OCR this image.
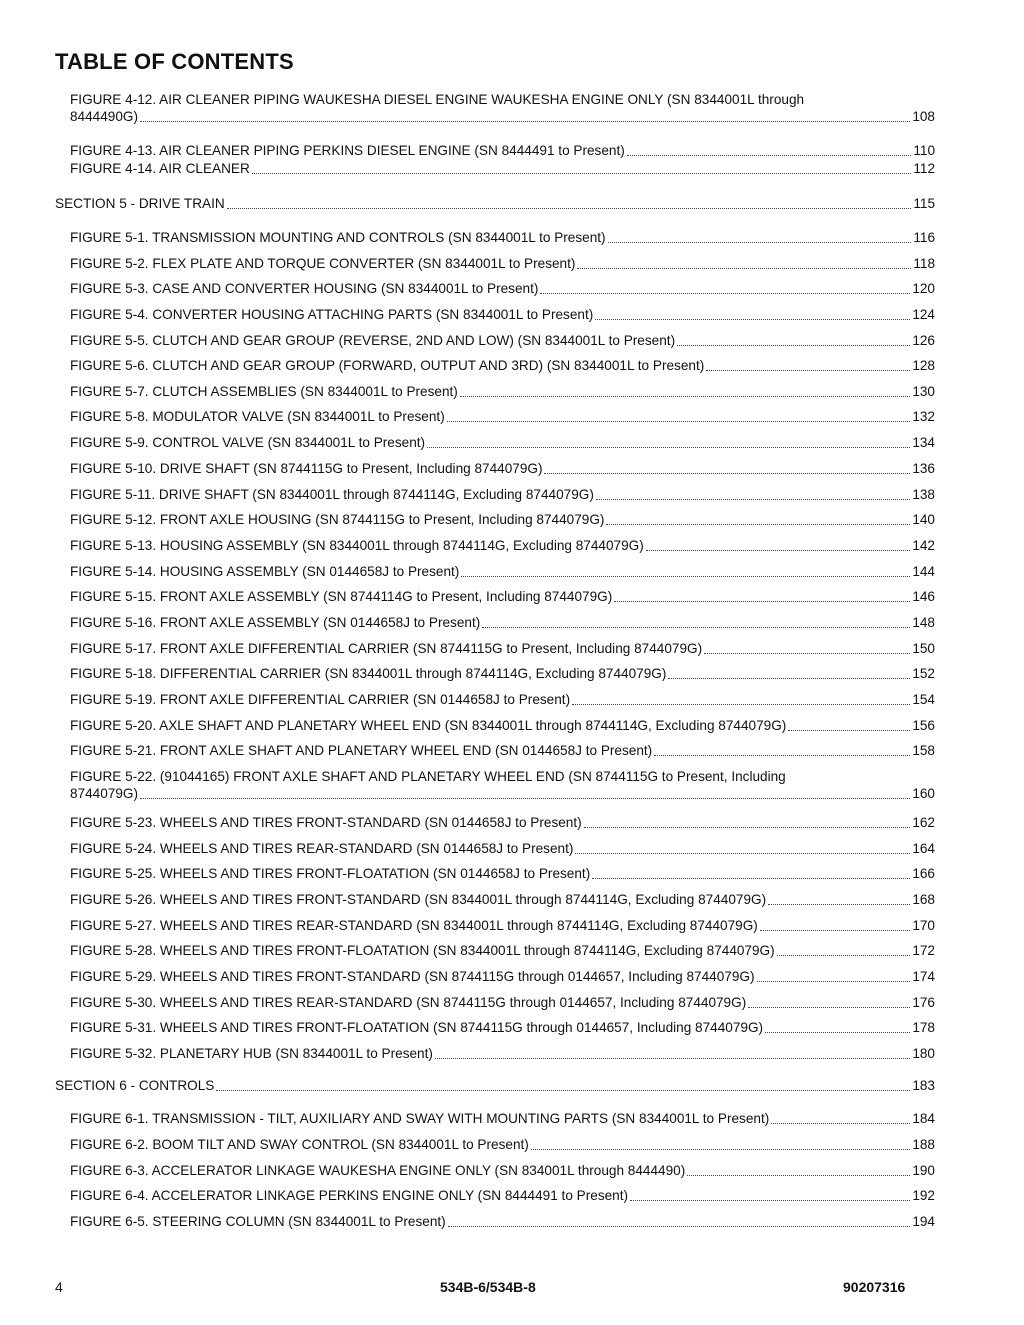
TABLE OF CONTENTS
FIGURE 4-12. AIR CLEANER PIPING WAUKESHA DIESEL ENGINE WAUKESHA ENGINE ONLY (SN 8344001L through
8444490G)	108
FIGURE 4-13. AIR CLEANER PIPING PERKINS DIESEL ENGINE (SN 8444491 to Present)	110
FIGURE 4-14. AIR CLEANER	112
SECTION 5 - DRIVE TRAIN	115
FIGURE 5-1. TRANSMISSION MOUNTING AND CONTROLS (SN 8344001L to Present)	116
FIGURE 5-2. FLEX PLATE AND TORQUE CONVERTER (SN 8344001L to Present)	118
FIGURE 5-3. CASE AND CONVERTER HOUSING (SN 8344001L to Present)	120
FIGURE 5-4. CONVERTER HOUSING ATTACHING PARTS (SN 8344001L to Present)	124
FIGURE 5-5. CLUTCH AND GEAR GROUP (REVERSE, 2ND AND LOW) (SN 8344001L to Present)	126
FIGURE 5-6. CLUTCH AND GEAR GROUP (FORWARD, OUTPUT AND 3RD) (SN 8344001L to Present)	128
FIGURE 5-7. CLUTCH ASSEMBLIES (SN 8344001L to Present)	130
FIGURE 5-8. MODULATOR VALVE (SN 8344001L to Present)	132
FIGURE 5-9. CONTROL VALVE (SN 8344001L to Present)	134
FIGURE 5-10. DRIVE SHAFT (SN 8744115G to Present, Including 8744079G)	136
FIGURE 5-11. DRIVE SHAFT (SN 8344001L through 8744114G, Excluding 8744079G)	138
FIGURE 5-12. FRONT AXLE HOUSING (SN 8744115G to Present, Including 8744079G)	140
FIGURE 5-13. HOUSING ASSEMBLY (SN 8344001L through 8744114G, Excluding 8744079G)	142
FIGURE 5-14. HOUSING ASSEMBLY (SN 0144658J to Present)	144
FIGURE 5-15. FRONT AXLE ASSEMBLY (SN 8744114G to Present, Including 8744079G)	146
FIGURE 5-16. FRONT AXLE ASSEMBLY (SN 0144658J to Present)	148
FIGURE 5-17. FRONT AXLE DIFFERENTIAL CARRIER (SN 8744115G to Present, Including 8744079G)	150
FIGURE 5-18. DIFFERENTIAL CARRIER (SN 8344001L through 8744114G, Excluding 8744079G)	152
FIGURE 5-19. FRONT AXLE DIFFERENTIAL CARRIER (SN 0144658J to Present)	154
FIGURE 5-20. AXLE SHAFT AND PLANETARY WHEEL END (SN 8344001L through 8744114G, Excluding 8744079G)	156
FIGURE 5-21. FRONT AXLE SHAFT AND PLANETARY WHEEL END (SN 0144658J to Present)	158
FIGURE 5-22. (91044165) FRONT AXLE SHAFT AND PLANETARY WHEEL END (SN 8744115G to Present, Including
8744079G)	160
FIGURE 5-23. WHEELS AND TIRES FRONT-STANDARD (SN 0144658J to Present)	162
FIGURE 5-24. WHEELS AND TIRES REAR-STANDARD (SN 0144658J to Present)	164
FIGURE 5-25. WHEELS AND TIRES FRONT-FLOATATION (SN 0144658J to Present)	166
FIGURE 5-26. WHEELS AND TIRES FRONT-STANDARD (SN 8344001L through 8744114G, Excluding 8744079G)	168
FIGURE 5-27. WHEELS AND TIRES REAR-STANDARD (SN 8344001L through 8744114G, Excluding 8744079G)	170
FIGURE 5-28. WHEELS AND TIRES FRONT-FLOATATION (SN 8344001L through 8744114G, Excluding 8744079G)	172
FIGURE 5-29. WHEELS AND TIRES FRONT-STANDARD (SN 8744115G through 0144657, Including 8744079G)	174
FIGURE 5-30. WHEELS AND TIRES REAR-STANDARD (SN 8744115G through 0144657, Including 8744079G)	176
FIGURE 5-31. WHEELS AND TIRES FRONT-FLOATATION (SN 8744115G through 0144657, Including 8744079G)	178
FIGURE 5-32. PLANETARY HUB (SN 8344001L to Present)	180
SECTION 6 - CONTROLS	183
FIGURE 6-1. TRANSMISSION - TILT, AUXILIARY AND SWAY WITH MOUNTING PARTS (SN 8344001L to Present)	184
FIGURE 6-2. BOOM TILT AND SWAY CONTROL (SN 8344001L to Present)	188
FIGURE 6-3. ACCELERATOR LINKAGE WAUKESHA ENGINE ONLY (SN 834001L through 8444490)	190
FIGURE 6-4. ACCELERATOR LINKAGE PERKINS ENGINE ONLY (SN 8444491 to Present)	192
FIGURE 6-5. STEERING COLUMN (SN 8344001L to Present)	194
4	534B-6/534B-8	90207316
